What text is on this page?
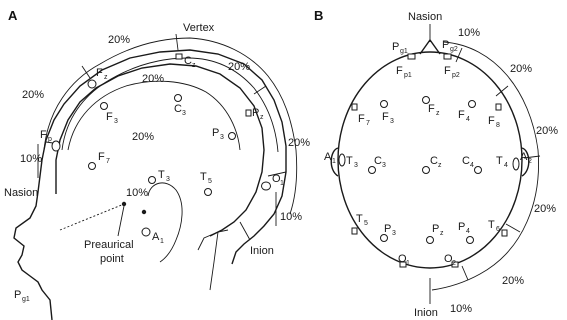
A
Vertex
Nasion
Inion
Preaurical
point
20%
20%
20%
20%
20%	20%
10%
10%
10%
P g1
F p
F z
C z
P z
F 3
C 3
P 3
F 7
T 3	T 5	O 1
A 1
B	Nasion
Inion
10%
20%
20%
20%
20%
10%
P g1
P g2
F p1	F p2
F 7
F 3
F z F 4 F 8
A 1 T 3 C 3	C z C 4 T 4
A 2
T 5 P 3	P z
P 4
T 6
O 1	O 2
